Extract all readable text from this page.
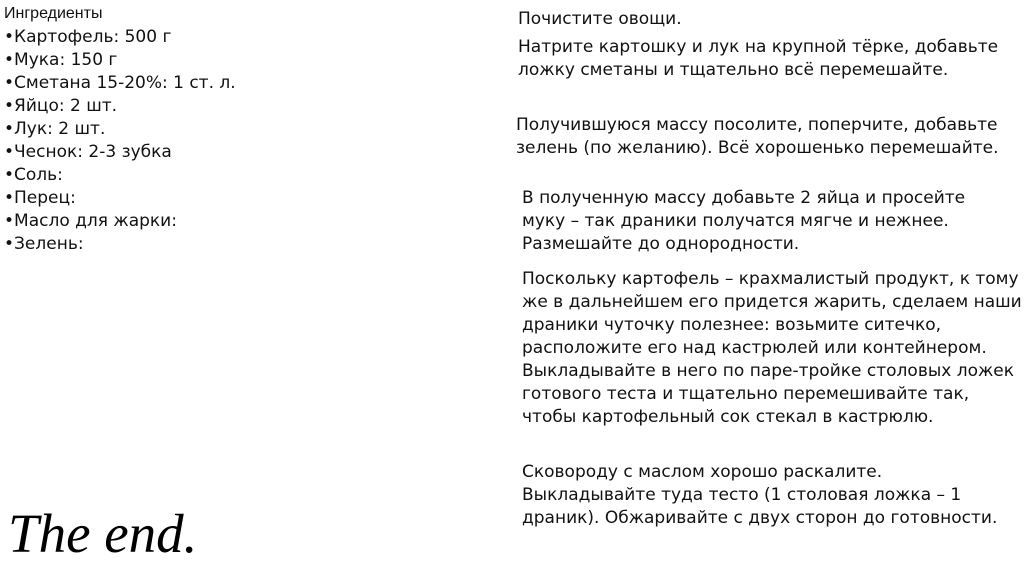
Ингредиенты
•Картофель: 500 г
•Мука: 150 г
•Сметана 15-20%: 1 ст. л.
•Яйцо: 2 шт.
•Лук: 2 шт.
•Чеснок: 2-3 зубка
•Соль:
•Перец:
•Масло для жарки:
•Зелень:
The end.

Почистите овощи.

Натрите картошку и лук на крупной тёрке, добавьте ложку сметаны и тщательно всё перемешайте.

Получившуюся массу посолите, поперчите, добавьте зелень (по желанию). Всё хорошенько перемешайте.

В полученную массу добавьте 2 яйца и просейте муку – так драники получатся мягче и нежнее. Размешайте до однородности.

Поскольку картофель – крахмалистый продукт, к тому же в дальнейшем его придется жарить, сделаем наши драники чуточку полезнее: возьмите ситечко, расположите его над кастрюлей или контейнером. Выкладывайте в него по паре-тройке столовых ложек готового теста и тщательно перемешивайте так, чтобы картофельный сок стекал в кастрюлю.

Сковороду с маслом хорошо раскалите. Выкладывайте туда тесто (1 столовая ложка – 1 драник). Обжаривайте с двух сторон до готовности.
